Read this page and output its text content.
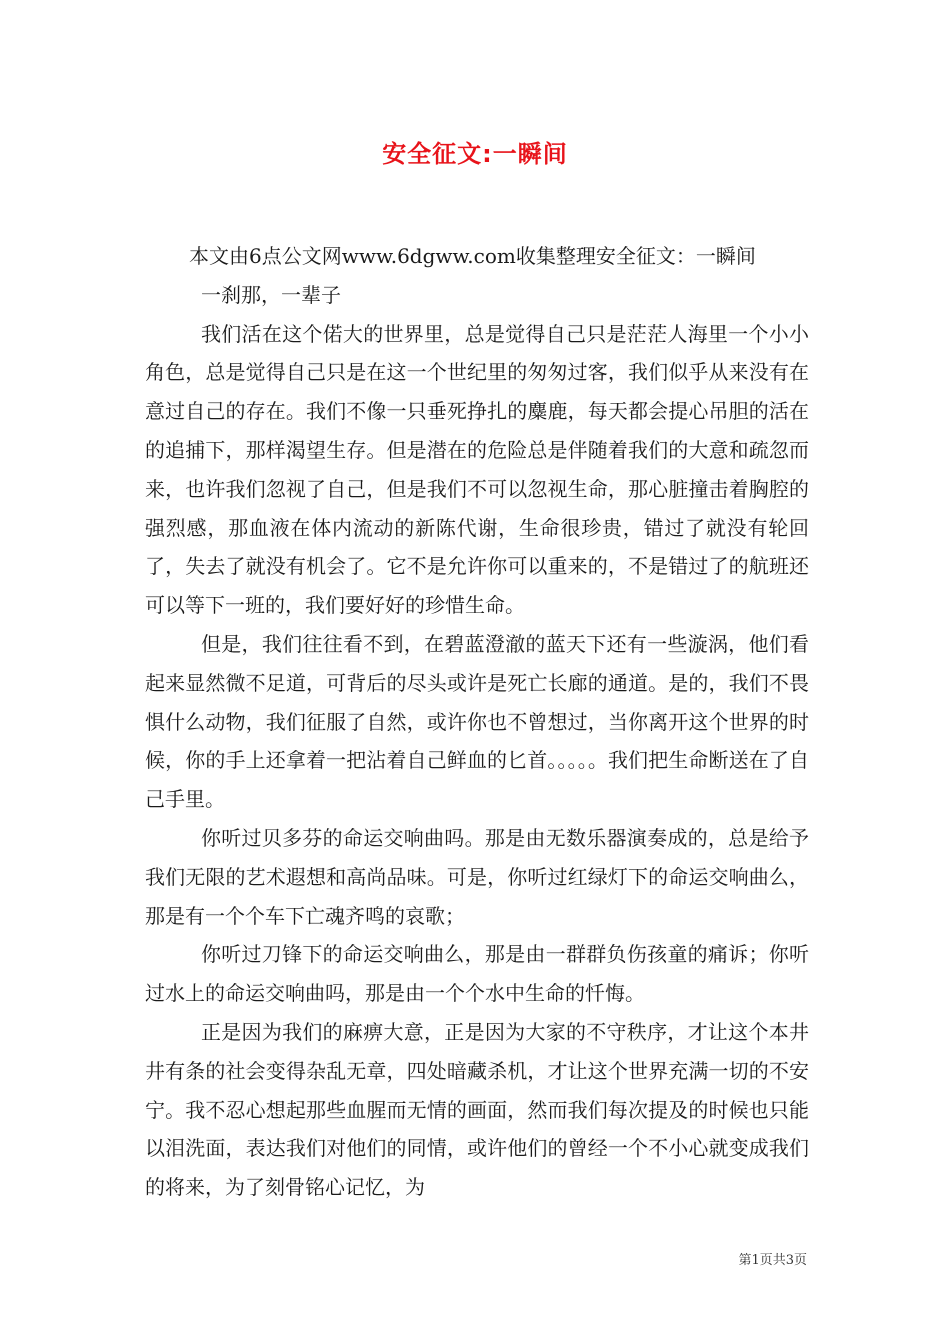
安全征文:一瞬间

本文由6点公文网www.6dgww.com收集整理安全征文：一瞬间

一刹那，一辈子

我们活在这个偌大的世界里，总是觉得自己只是茫茫人海里一个小小角色，总是觉得自己只是在这一个世纪里的匆匆过客，我们似乎从来没有在意过自己的存在。我们不像一只垂死挣扎的麋鹿，每天都会提心吊胆的活在的追捕下，那样渴望生存。但是潜在的危险总是伴随着我们的大意和疏忽而来，也许我们忽视了自己，但是我们不可以忽视生命，那心脏撞击着胸腔的强烈感，那血液在体内流动的新陈代谢，生命很珍贵，错过了就没有轮回了，失去了就没有机会了。它不是允许你可以重来的，不是错过了的航班还可以等下一班的，我们要好好的珍惜生命。

但是，我们往往看不到，在碧蓝澄澈的蓝天下还有一些漩涡，他们看起来显然微不足道，可背后的尽头或许是死亡长廊的通道。是的，我们不畏惧什么动物，我们征服了自然，或许你也不曾想过，当你离开这个世界的时候，你的手上还拿着一把沾着自己鲜血的匕首。。。。。我们把生命断送在了自己手里。

你听过贝多芬的命运交响曲吗。那是由无数乐器演奏成的，总是给予我们无限的艺术遐想和高尚品味。可是，你听过红绿灯下的命运交响曲么，那是有一个个车下亡魂齐鸣的哀歌；

你听过刀锋下的命运交响曲么，那是由一群群负伤孩童的痛诉；你听过水上的命运交响曲吗，那是由一个个水中生命的忏悔。

正是因为我们的麻痹大意，正是因为大家的不守秩序，才让这个本井井有条的社会变得杂乱无章，四处暗藏杀机，才让这个世界充满一切的不安宁。我不忍心想起那些血腥而无情的画面，然而我们每次提及的时候也只能以泪洗面，表达我们对他们的同情，或许他们的曾经一个不小心就变成我们的将来，为了刻骨铭心记忆，为

第1页共3页
